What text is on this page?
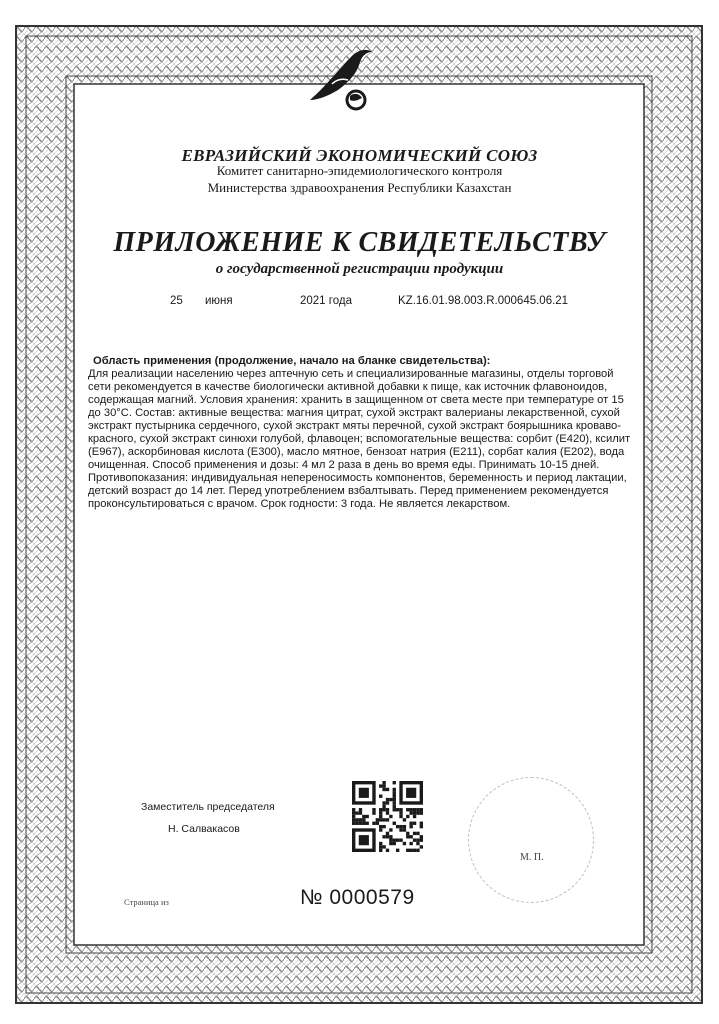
ЕВРАЗИЙСКИЙ ЭКОНОМИЧЕСКИЙ СОЮЗ
Комитет санитарно-эпидемиологического контроля
Министерства здравоохранения Республики Казахстан
ПРИЛОЖЕНИЕ К СВИДЕТЕЛЬСТВУ
о государственной регистрации продукции
25 июня	2021 года	KZ.16.01.98.003.R.000645.06.21
Область применения (продолжение, начало на бланке свидетельства):
Для реализации населению через аптечную сеть и специализированные магазины, отделы торговой сети рекомендуется в качестве биологически активной добавки к пище, как источник флавоноидов, содержащая магний. Условия хранения: хранить в защищенном от света месте при температуре от 15 до 30°С. Состав: активные вещества: магния цитрат, сухой экстракт валерианы лекарственной, сухой экстракт пустырника сердечного, сухой экстракт мяты перечной, сухой экстракт боярышника кроваво-красного, сухой экстракт синюхи голубой, флавоцен; вспомогательные вещества: сорбит (Е420), ксилит (Е967), аскорбиновая кислота (Е300), масло мятное, бензоат натрия (Е211), сорбат калия (Е202), вода очищенная. Способ применения и дозы: 4 мл 2 раза в день во время еды. Принимать 10-15 дней. Противопоказания: индивидуальная непереносимость компонентов, беременность и период лактации, детский возраст до 14 лет. Перед употреблением взбалтывать. Перед применением рекомендуется проконсультироваться с врачом. Срок годности: 3 года. Не является лекарством.
Заместитель председателя
Н. Салвакасов
М. П.
Страница из	№ 0000579
